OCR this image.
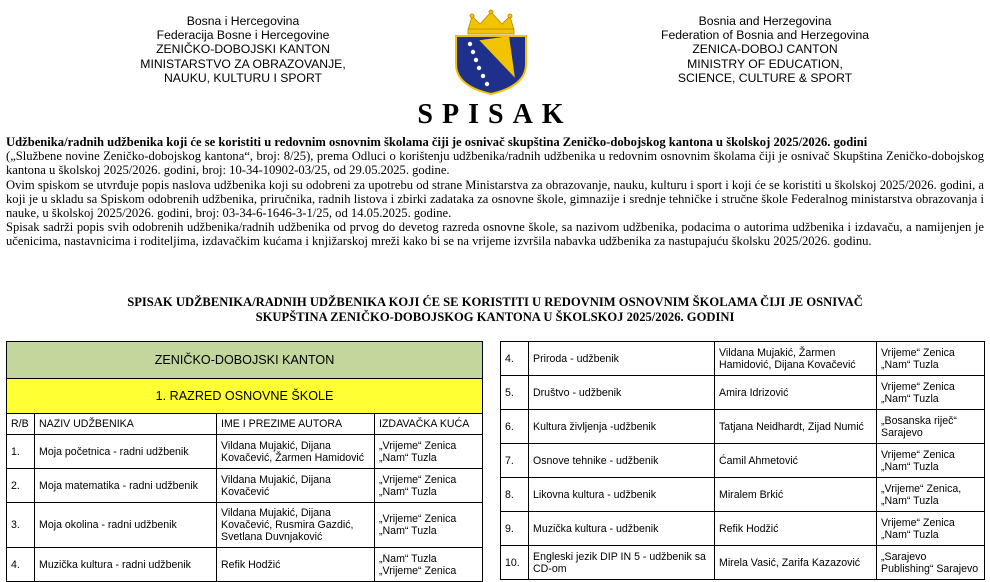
Bosna i Hercegovina
Federacija Bosne i Hercegovine
ZENIČKO-DOBOJSKI KANTON
MINISTARSTVO ZA OBRAZOVANJE,
NAUKU, KULTURU I SPORT
Bosnia and Herzegovina
Federation of Bosnia and Herzegovina
ZENICA-DOBOJ CANTON
MINISTRY OF EDUCATION,
SCIENCE, CULTURE & SPORT
SPISAK

Udžbenika/radnih udžbenika koji će se koristiti u redovnim osnovnim školama čiji je osnivač skupština Zeničko-dobojskog kantona u školskoj 2025/2026. godini

(„Službene novine Zeničko-dobojskog kantona“, broj: 8/25), prema Odluci o korištenju udžbenika/radnih udžbenika u redovnim osnovnim školama čiji je osnivač Skupština Zeničko-dobojskog kantona u školskoj 2025/2026. godini, broj: 10-34-10902-03/25, od 29.05.2025. godine.

Ovim spiskom se utvrđuje popis naslova udžbenika koji su odobreni za upotrebu od strane Ministarstva za obrazovanje, nauku, kulturu i sport i koji će se koristiti u školskoj 2025/2026. godini, a koji je u skladu sa Spiskom odobrenih udžbenika, priručnika, radnih listova i zbirki zadataka za osnovne škole, gimnazije i srednje tehničke i stručne škole Federalnog ministarstva obrazovanja i nauke, u školskoj 2025/2026. godini, broj: 03-34-6-1646-3-1/25, od 14.05.2025. godine.

Spisak sadrži popis svih odobrenih udžbenika/radnih udžbenika od prvog do devetog razreda osnovne škole, sa nazivom udžbenika, podacima o autorima udžbenika i izdavaču, a namijenjen je učenicima, nastavnicima i roditeljima, izdavačkim kućama i knjižarskoj mreži kako bi se na vrijeme izvršila nabavka udžbenika za nastupajuću školsku 2025/2026. godinu.

SPISAK UDŽBENIKA/RADNIH UDŽBENIKA KOJI ĆE SE KORISTITI U REDOVNIM OSNOVNIM ŠKOLAMA ČIJI JE OSNIVAČ
SKUPŠTINA ZENIČKO-DOBOJSKOG KANTONA U ŠKOLSKOJ 2025/2026. GODINI
ZENIČKO-DOBOJSKI KANTON			
1. RAZRED OSNOVNE ŠKOLE			
R/B	NAZIV UDŽBENIKA	IME I PREZIME AUTORA	IZDAVAČKA KUĆA
1.	Moja početnica - radni udžbenik	Vildana Mujakić, Dijana Kovačević, Žarmen Hamidović	„Vrijeme“ Zenica „Nam“ Tuzla
2.	Moja matematika - radni udžbenik	Vildana Mujakić, Dijana Kovačević	„Vrijeme“ Zenica „Nam“ Tuzla
3.	Moja okolina - radni udžbenik	Vildana Mujakić, Dijana Kovačević, Rusmira Gazdić, Svetlana Duvnjaković	„Vrijeme“ Zenica „Nam“ Tuzla
4.	Muzička kultura - radni udžbenik	Refik Hodžić	„Nam“ Tuzla „Vrijeme“ Zenica
4.	Priroda - udžbenik	Vildana Mujakić, Žarmen Hamidović, Dijana Kovačević	Vrijeme“ Zenica „Nam“ Tuzla
5.	Društvo - udžbenik	Amira Idrizović	Vrijeme“ Zenica „Nam“ Tuzla
6.	Kultura življenja -udžbenik	Tatjana Neidhardt, Zijad Numić	„Bosanska riječ“ Sarajevo
7.	Osnove tehnike - udžbenik	Ćamil Ahmetović	Vrijeme“ Zenica „Nam“ Tuzla
8.	Likovna kultura - udžbenik	Miralem Brkić	„Vrijeme“ Zenica, „Nam“ Tuzla
9.	Muzička kultura - udžbenik	Refik Hodžić	Vrijeme“ Zenica „Nam“ Tuzla
10.	Engleski jezik DIP IN 5 - udžbenik sa CD-om	Mirela Vasić, Zarifa Kazazović	„Sarajevo Publishing“ Sarajevo
